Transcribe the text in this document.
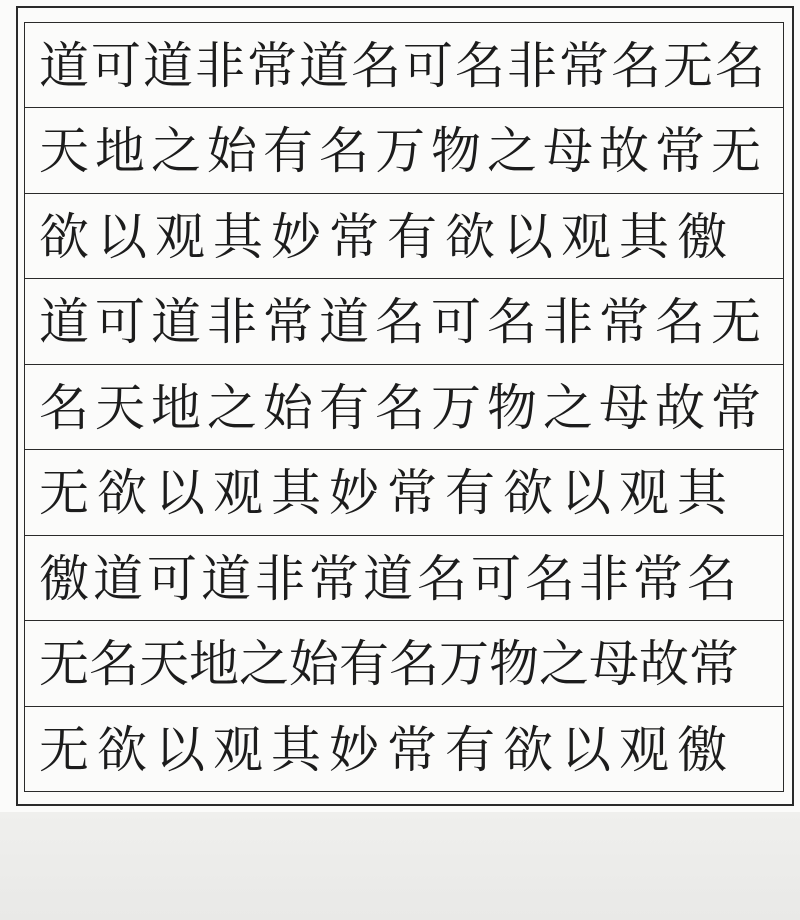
道可道非常道名可名非常名无名
天地之始有名万物之母故常无
欲以观其妙常有欲以观其徼
道可道非常道名可名非常名无
名天地之始有名万物之母故常
无欲以观其妙常有欲以观其
徼道可道非常道名可名非常名
无名天地之始有名万物之母故常
无欲以观其妙常有欲以观徼
